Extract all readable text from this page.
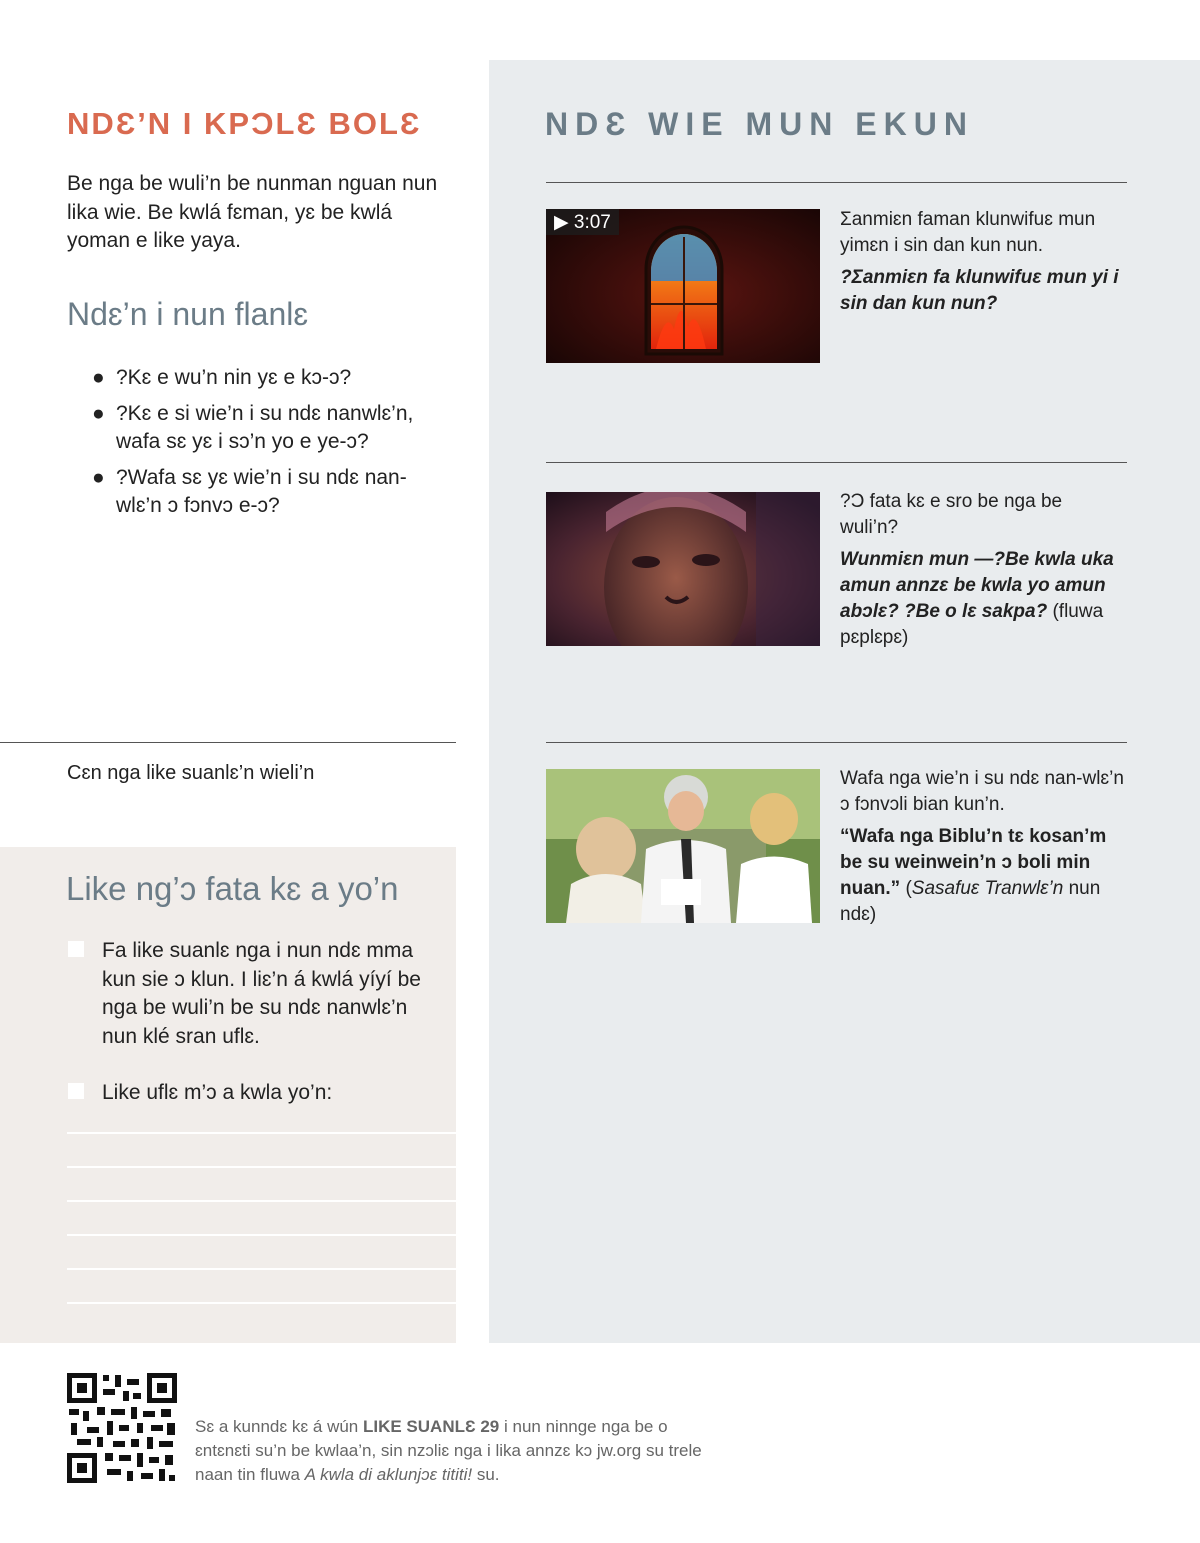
NDƐ’N I KPƆLƐ BOLƐ

Be nga be wuli’n be nunman nguan nun lika wie. Be kwlá fɛman, yɛ be kwlá yoman e like yaya.

Ndɛ’n i nun flanlɛ
● ?Kɛ e wu’n nin yɛ e kɔ-ɔ?
● ?Kɛ e si wie’n i su ndɛ nanwlɛ’n, wafa sɛ yɛ i sɔ’n yo e ye-ɔ?
● ?Wafa sɛ yɛ wie’n i su ndɛ nan-wlɛ’n ɔ fɔnvɔ e-ɔ?
Cɛn nga like suanlɛ’n wieli’n
Like ng’ɔ fata kɛ a yo’n
Fa like suanlɛ nga i nun ndɛ mma kun sie ɔ klun. I liɛ’n á kwlá yíyí be nga be wuli’n be su ndɛ nanwlɛ’n nun klé sran uflɛ.
Like uflɛ m’ɔ a kwla yo’n:
NDƐ WIE MUN EKUN
▶ 3:07	Ʃanmiɛn faman klunwifuɛ mun yimɛn i sin dan kun nun.

?Ʃanmiɛn fa klunwifuɛ mun yi i sin dan kun nun?

?Ɔ fata kɛ e sro be nga be wuli’n?

Wunmiɛn mun —?Be kwla uka amun annzɛ be kwla yo amun abɔlɛ? ?Be o lɛ sakpa? (fluwa pɛplɛpɛ)

Wafa nga wie’n i su ndɛ nan-wlɛ’n ɔ fɔnvɔli bian kun’n.

“Wafa nga Biblu’n tɛ kosan’m be su weinwein’n ɔ boli min nuan.” (Sasafuɛ Tranwlɛ’n nun ndɛ)

Sɛ a kunndɛ kɛ á wún LIKE SUANLƐ 29 i nun ninnge nga be o ɛntɛnɛti su’n be kwlaa’n, sin nzɔliɛ nga i lika annzɛ kɔ jw.org su trele naan tin fluwa A kwla di aklunjɔɛ tititi! su.
